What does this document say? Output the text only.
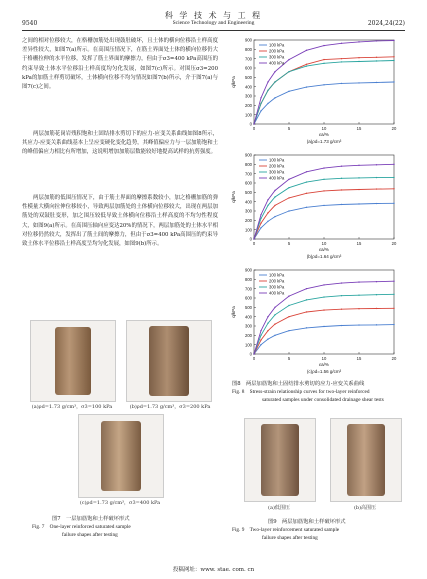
科 学 技 术 与 工 程
9540	Science Technology and Engineering	2024,24(22)
之间的相对位移较大，在格栅加筋处出现鼓肚破坏，且土体的横向位移沿土样高度差异性较大，如图7(a)所示。在高围压情况下，在筋土界面处土体的横向位移仍大于格栅拉伸的水平位移，发挥了筋土界面的摩擦力，但由于σ3=400 kPa高围压的约束导致土体水平位移沿土样高度均匀化发展，如图7(c)所示。对围压σ3=200 kPa的加筋土样剪切破坏，土体横向位移不均匀情况如图7(b)所示，介于图7(a)与图7(c)之间。
两层加筋花岗岩残积饱和土固结排水剪切下的应力-应变关系曲线如图8所示，其应力-应变关系曲线基本上呈应变硬化变化趋势，其峰值偏应力与一层加筋饱和土的峰值偏应力相比有所增加，这说明增加加筋层数能较好地提高试样的抗剪强度。
两层加筋的低围压情况下，由于筋土界面的摩擦系数较小，加之格栅加筋的弹性模量大横向拉伸位移较小，导致两层加筋处的土体横向位移较大，出现在两层加筋处的双鼓肚变形，加之围压较低导致土体横向位移沿土样高度的不均匀性程度大，如图9(a)所示。在高围压轴向应变达20%的情况下，两层加筋处的土体水平相对位移仍然较大，发挥出了筋土间的摩擦力，但由于σ3=400 kPa高围压的约束导致土体水平位移沿土样高度呈均匀化发展，如图9(b)所示。
(a)ρd=1.73 g/cm³，σ3=100 kPa	(b)ρd=1.73 g/cm³，σ3=200 kPa
(c)ρd=1.73 g/cm³，σ3=400 kPa
图7　一层加筋饱和土样破坏形式
Fig. 7　One-layer reinforced saturated sample
failure shapes after testing
0
100
200
300
400
500
600
700
800
900
0	5	10	15	20
q/kPa
εa/%
(a)ρd=1.73 g/cm³
100 kPa
200 kPa
300 kPa
400 kPa
0
100
200
300
400
500
600
700
800
900
0	5	10	15	20
q/kPa
εa/%
(b)ρd=1.64 g/cm³
100 kPa
200 kPa
300 kPa
400 kPa
0
100
200
300
400
500
600
700
800
900
0	5	10	15	20
q/kPa
εa/%
(c)ρd=1.56 g/cm³
100 kPa
200 kPa
300 kPa
400 kPa
图8　两层加筋饱和土固结排水剪切的应力-应变关系曲线
Fig. 8　Stress-strain relationship curves for two-layer reinforced
saturated samples under consolidated drainage shear tests
(a)低围压	(b)高围压
图9　两层加筋饱和土样破坏形式
Fig. 9　Two-layer reinforcement saturated sample
failure shapes after testing
投稿网址：www. stae. com. cn
